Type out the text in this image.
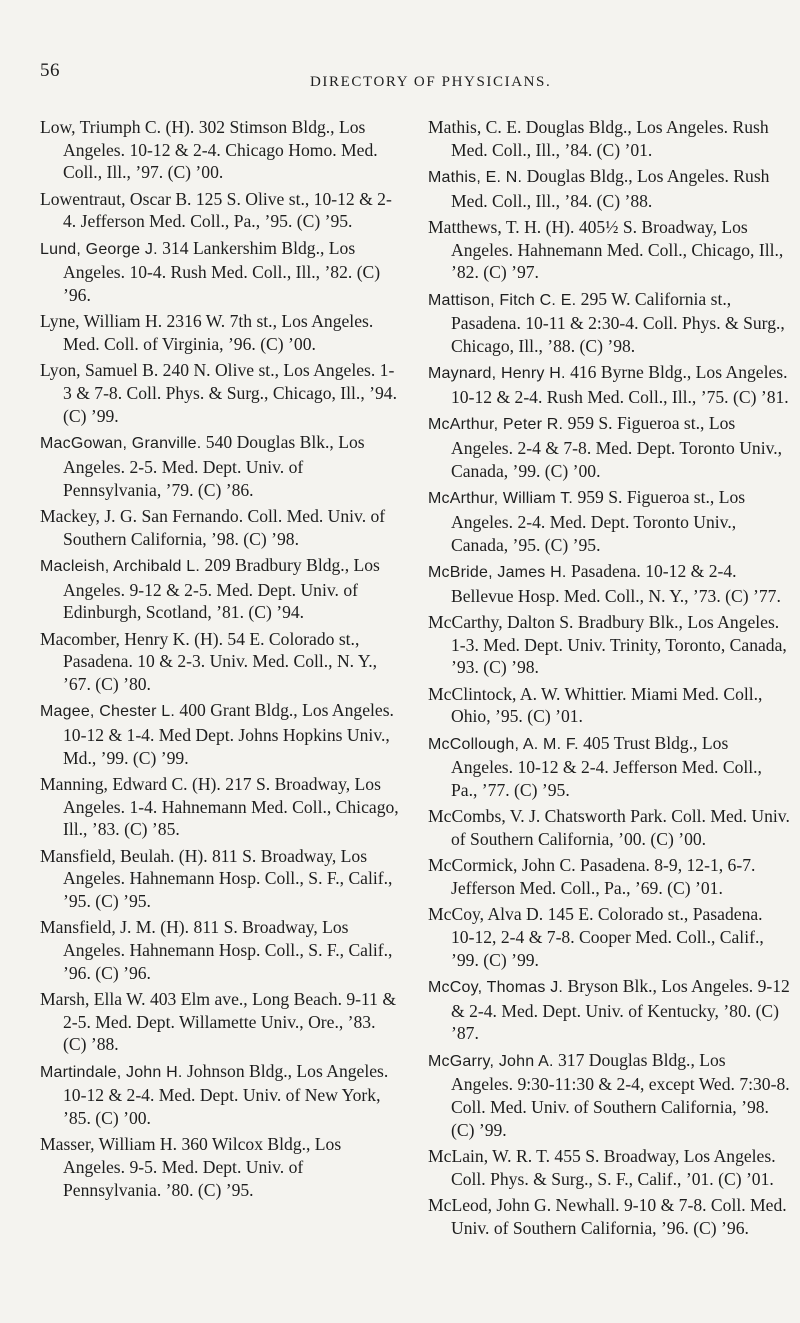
56
DIRECTORY OF PHYSICIANS.

Low, Triumph C. (H). 302 Stimson Bldg., Los Angeles. 10-12 & 2-4. Chicago Homo. Med. Coll., Ill., ’97. (C) ’00.

Lowentraut, Oscar B. 125 S. Olive st., 10-12 & 2-4. Jefferson Med. Coll., Pa., ’95. (C) ’95.

Lund, George J. 314 Lankershim Bldg., Los Angeles. 10-4. Rush Med. Coll., Ill., ’82. (C) ’96.

Lyne, William H. 2316 W. 7th st., Los Angeles. Med. Coll. of Virginia, ’96. (C) ’00.

Lyon, Samuel B. 240 N. Olive st., Los Angeles. 1-3 & 7-8. Coll. Phys. & Surg., Chicago, Ill., ’94. (C) ’99.

MacGowan, Granville. 540 Douglas Blk., Los Angeles. 2-5. Med. Dept. Univ. of Pennsylvania, ’79. (C) ’86.

Mackey, J. G. San Fernando. Coll. Med. Univ. of Southern California, ’98. (C) ’98.

Macleish, Archibald L. 209 Bradbury Bldg., Los Angeles. 9-12 & 2-5. Med. Dept. Univ. of Edinburgh, Scotland, ’81. (C) ’94.

Macomber, Henry K. (H). 54 E. Colorado st., Pasadena. 10 & 2-3. Univ. Med. Coll., N. Y., ’67. (C) ’80.

Magee, Chester L. 400 Grant Bldg., Los Angeles. 10-12 & 1-4. Med Dept. Johns Hopkins Univ., Md., ’99. (C) ’99.

Manning, Edward C. (H). 217 S. Broadway, Los Angeles. 1-4. Hahnemann Med. Coll., Chicago, Ill., ’83. (C) ’85.

Mansfield, Beulah. (H). 811 S. Broadway, Los Angeles. Hahnemann Hosp. Coll., S. F., Calif., ’95. (C) ’95.

Mansfield, J. M. (H). 811 S. Broadway, Los Angeles. Hahnemann Hosp. Coll., S. F., Calif., ’96. (C) ’96.

Marsh, Ella W. 403 Elm ave., Long Beach. 9-11 & 2-5. Med. Dept. Willamette Univ., Ore., ’83. (C) ’88.

Martindale, John H. Johnson Bldg., Los Angeles. 10-12 & 2-4. Med. Dept. Univ. of New York, ’85. (C) ’00.

Masser, William H. 360 Wilcox Bldg., Los Angeles. 9-5. Med. Dept. Univ. of Pennsylvania. ’80. (C) ’95.

Mathis, C. E. Douglas Bldg., Los Angeles. Rush Med. Coll., Ill., ’84. (C) ’01.

Mathis, E. N. Douglas Bldg., Los Angeles. Rush Med. Coll., Ill., ’84. (C) ’88.

Matthews, T. H. (H). 405½ S. Broadway, Los Angeles. Hahnemann Med. Coll., Chicago, Ill., ’82. (C) ’97.

Mattison, Fitch C. E. 295 W. California st., Pasadena. 10-11 & 2:30-4. Coll. Phys. & Surg., Chicago, Ill., ’88. (C) ’98.

Maynard, Henry H. 416 Byrne Bldg., Los Angeles. 10-12 & 2-4. Rush Med. Coll., Ill., ’75. (C) ’81.

McArthur, Peter R. 959 S. Figueroa st., Los Angeles. 2-4 & 7-8. Med. Dept. Toronto Univ., Canada, ’99. (C) ’00.

McArthur, William T. 959 S. Figueroa st., Los Angeles. 2-4. Med. Dept. Toronto Univ., Canada, ’95. (C) ’95.

McBride, James H. Pasadena. 10-12 & 2-4. Bellevue Hosp. Med. Coll., N. Y., ’73. (C) ’77.

McCarthy, Dalton S. Bradbury Blk., Los Angeles. 1-3. Med. Dept. Univ. Trinity, Toronto, Canada, ’93. (C) ’98.

McClintock, A. W. Whittier. Miami Med. Coll., Ohio, ’95. (C) ’01.

McCollough, A. M. F. 405 Trust Bldg., Los Angeles. 10-12 & 2-4. Jefferson Med. Coll., Pa., ’77. (C) ’95.

McCombs, V. J. Chatsworth Park. Coll. Med. Univ. of Southern California, ’00. (C) ’00.

McCormick, John C. Pasadena. 8-9, 12-1, 6-7. Jefferson Med. Coll., Pa., ’69. (C) ’01.

McCoy, Alva D. 145 E. Colorado st., Pasadena. 10-12, 2-4 & 7-8. Cooper Med. Coll., Calif., ’99. (C) ’99.

McCoy, Thomas J. Bryson Blk., Los Angeles. 9-12 & 2-4. Med. Dept. Univ. of Kentucky, ’80. (C) ’87.

McGarry, John A. 317 Douglas Bldg., Los Angeles. 9:30-11:30 & 2-4, except Wed. 7:30-8. Coll. Med. Univ. of Southern California, ’98. (C) ’99.

McLain, W. R. T. 455 S. Broadway, Los Angeles. Coll. Phys. & Surg., S. F., Calif., ’01. (C) ’01.

McLeod, John G. Newhall. 9-10 & 7-8. Coll. Med. Univ. of Southern California, ’96. (C) ’96.
